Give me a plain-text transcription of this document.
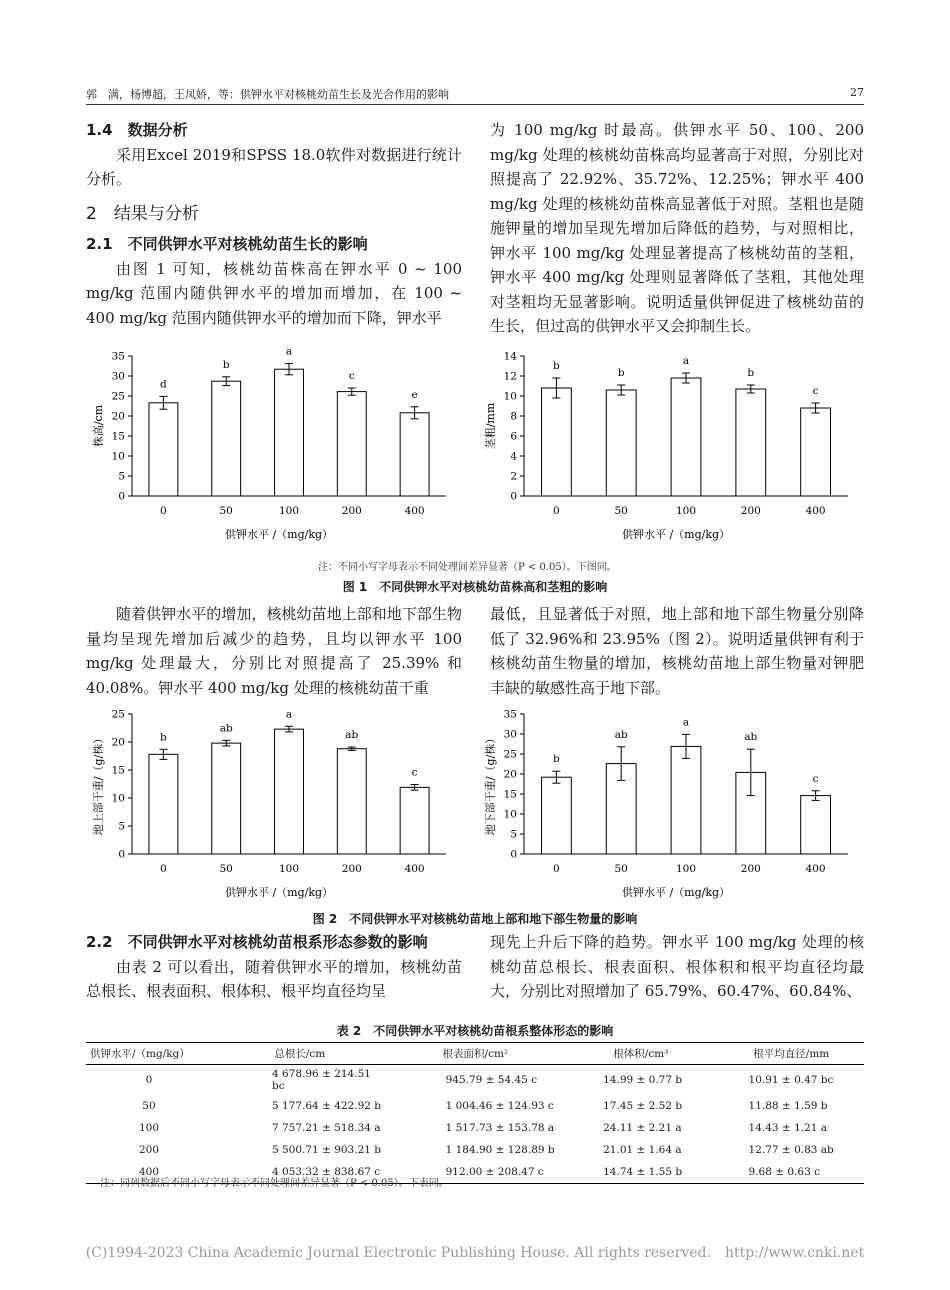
郭　满，杨博超，王凤娇，等：供钾水平对核桃幼苗生长及光合作用的影响	27
1.4　数据分析

采用Excel 2019和SPSS 18.0软件对数据进行统计分析。

2　结果与分析
2.1　不同供钾水平对核桃幼苗生长的影响

由图 1 可知，核桃幼苗株高在钾水平 0 ~ 100 mg/kg 范围内随供钾水平的增加而增加，在 100 ~ 400 mg/kg 范围内随供钾水平的增加而下降，钾水平

为 100 mg/kg 时最高。供钾水平 50、100、200 mg/kg 处理的核桃幼苗株高均显著高于对照，分别比对照提高了 22.92%、35.72%、12.25%；钾水平 400 mg/kg 处理的核桃幼苗株高显著低于对照。茎粗也是随施钾量的增加呈现先增加后降低的趋势，与对照相比，钾水平 100 mg/kg 处理显著提高了核桃幼苗的茎粗，钾水平 400 mg/kg 处理则显著降低了茎粗，其他处理对茎粗均无显著影响。说明适量供钾促进了核桃幼苗的生长，但过高的供钾水平又会抑制生长。

0
5
10
15
20
25
30
35
株高/cm
d
0
b
50
a
100
c
200
e
400
供钾水平 /（mg/kg）
0
2
4
6
8
10
12
14
茎粗/mm
b
0
b
50
a
100
b
200
c
400
供钾水平 /（mg/kg）
注：不同小写字母表示不同处理间差异显著（P < 0.05）。下图同。
图 1　不同供钾水平对核桃幼苗株高和茎粗的影响

随着供钾水平的增加，核桃幼苗地上部和地下部生物量均呈现先增加后减少的趋势，且均以钾水平 100 mg/kg 处理最大，分别比对照提高了 25.39% 和 40.08%。钾水平 400 mg/kg 处理的核桃幼苗干重

最低，且显著低于对照，地上部和地下部生物量分别降低了 32.96%和 23.95%（图 2）。说明适量供钾有利于核桃幼苗生物量的增加，核桃幼苗地上部生物量对钾肥丰缺的敏感性高于地下部。

0
5
10
15
20
25
地上部干重/（g/株）	b
0
ab
50
a
100
ab
200
c
400
供钾水平 /（mg/kg）
0
5
10
15
20
25
30
35
地下部干重/（g/株）	b
0
ab
50
a
100
ab
200
c
400
供钾水平 /（mg/kg）
图 2　不同供钾水平对核桃幼苗地上部和地下部生物量的影响
2.2　不同供钾水平对核桃幼苗根系形态参数的影响

由表 2 可以看出，随着供钾水平的增加，核桃幼苗总根长、根表面积、根体积、根平均直径均呈

现先上升后下降的趋势。钾水平 100 mg/kg 处理的核桃幼苗总根长、根表面积、根体积和根平均直径均最大，分别比对照增加了 65.79%、60.47%、60.84%、

表 2　不同供钾水平对核桃幼苗根系整体形态的影响
供钾水平/（mg/kg）	总根长/cm	根表面积/cm²	根体积/cm³	根平均直径/mm
0	4 678.96 ± 214.51 bc	945.79 ± 54.45 c	14.99 ± 0.77 b	10.91 ± 0.47 bc
50	5 177.64 ± 422.92 b	1 004.46 ± 124.93 c	17.45 ± 2.52 b	11.88 ± 1.59 b
100	7 757.21 ± 518.34 a	1 517.73 ± 153.78 a	24.11 ± 2.21 a	14.43 ± 1.21 a
200	5 500.71 ± 903.21 b	1 184.90 ± 128.89 b	21.01 ± 1.64 a	12.77 ± 0.83 ab
400	4 053.32 ± 838.67 c	912.00 ± 208.47 c	14.74 ± 1.55 b	9.68 ± 0.63 c
注：同列数据后不同小写字母表示不同处理间差异显著（P < 0.05）。下表同。
(C)1994-2023 China Academic Journal Electronic Publishing House. All rights reserved.　http://www.cnki.net
